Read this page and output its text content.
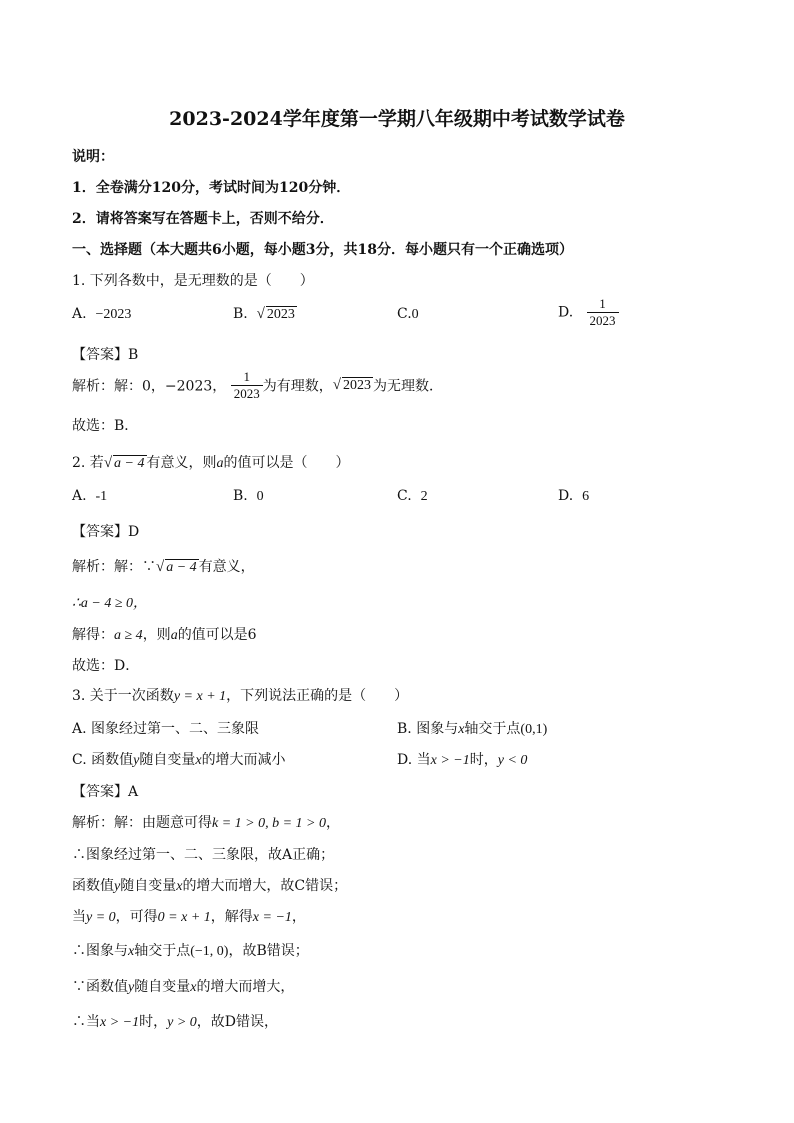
2023-2024学年度第一学期八年级期中考试数学试卷
说明：
1．全卷满分120分，考试时间为120分钟．
2．请将答案写在答题卡上，否则不给分．
一、选择题（本大题共6小题，每小题3分，共18分．每小题只有一个正确选项）
1. 下列各数中，是无理数的是（　　）
A. −2023	B. √ 2023	C.0	D. $\frac{1}{2023}$
【答案】B
解析：解：0，−2023， $\frac{1}{2023}$ 为有理数，√ 2023 为无理数．
故选：B．
2. 若√ a − 4 有意义，则a的值可以是（　　）
A. -1	B. 0	C. 2	D. 6
【答案】D
解析：解：∵√ a − 4 有意义，
∴a − 4 ≥ 0，
解得：a ≥ 4，则a的值可以是6
故选：D．
3. 关于一次函数y = x + 1，下列说法正确的是（　　）
A. 图象经过第一、二、三象限	B. 图象与x轴交于点(0,1)
C. 函数值y随自变量x的增大而减小	D. 当x > −1时，y < 0
【答案】A
解析：解：由题意可得k = 1 > 0, b = 1 > 0，
∴图象经过第一、二、三象限，故A正确；
函数值y随自变量x的增大而增大，故C错误；
当y = 0，可得0 = x + 1，解得x = −1，
∴图象与x轴交于点(−1, 0)，故B错误；
∵函数值y随自变量x的增大而增大，
∴当x > −1时，y > 0，故D错误，
